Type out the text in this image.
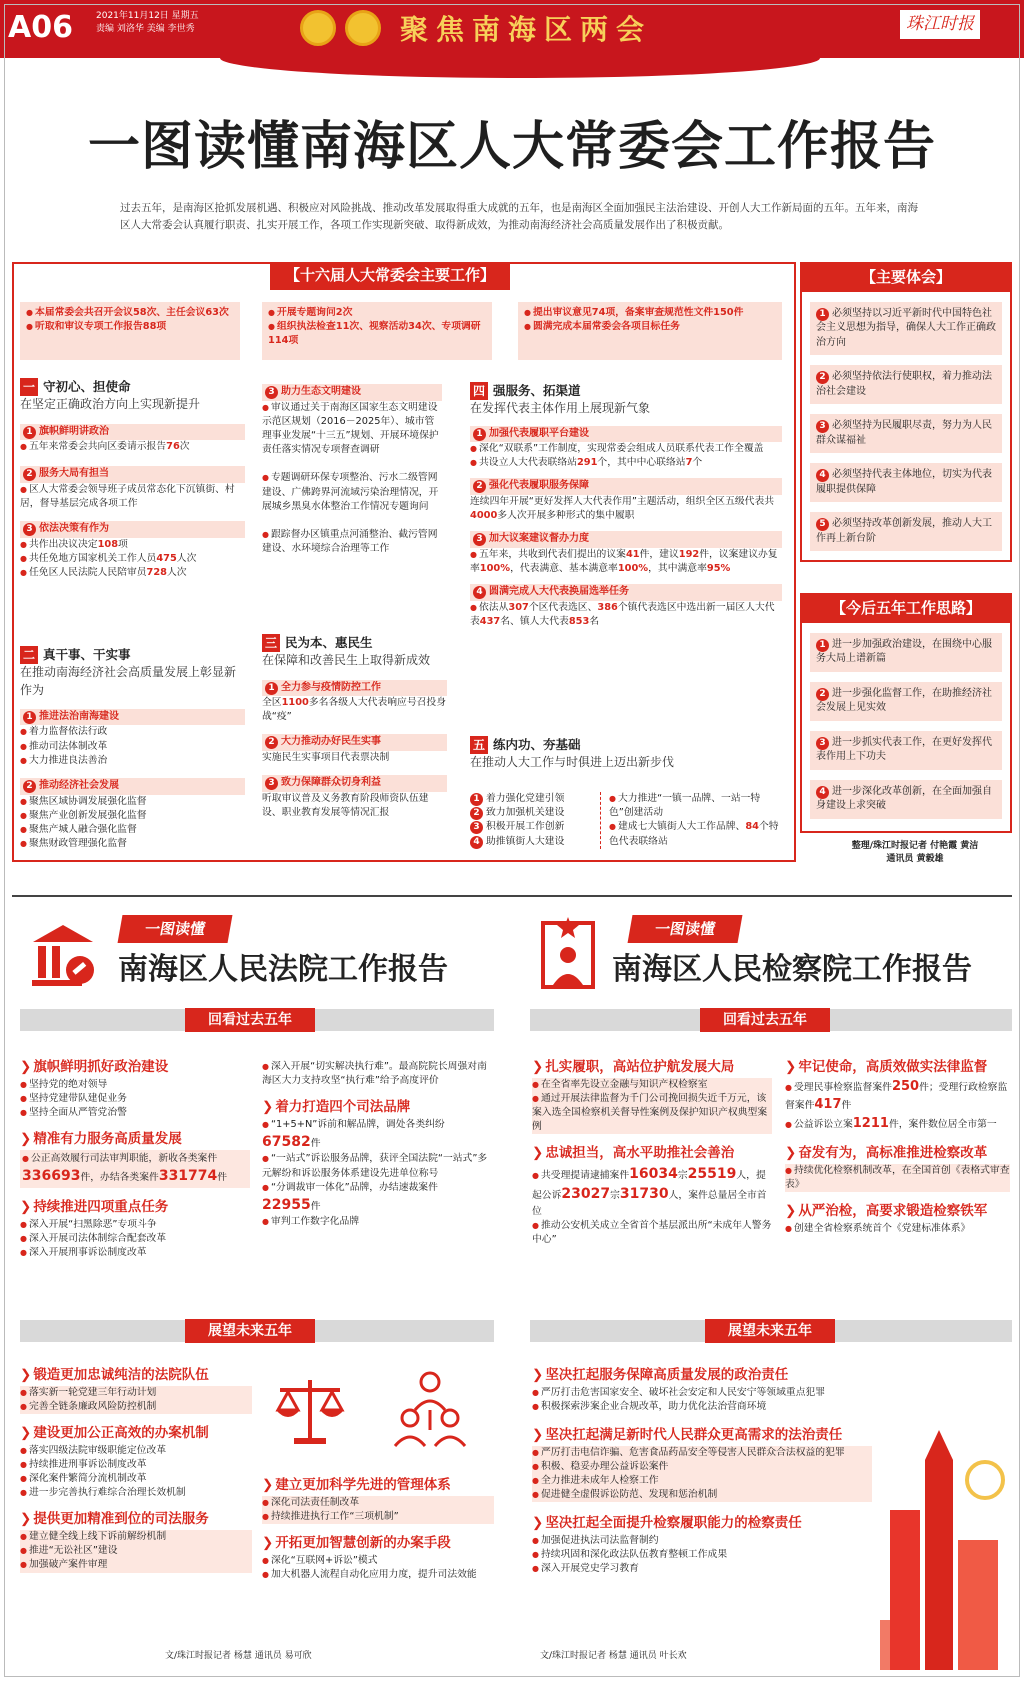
A06	2021年11月12日 星期五
责编 刘洛华 美编 李世秀	聚焦南海区两会	珠江时报
一图读懂南海区人大常委会工作报告
过去五年，是南海区抢抓发展机遇、积极应对风险挑战、推动改革发展取得重大成就的五年，也是南海区全面加强民主法治建设、开创人大工作新局面的五年。五年来，南海区人大常委会认真履行职责、扎实开展工作，各项工作实现新突破、取得新成效，为推动南海经济社会高质量发展作出了积极贡献。
【十六届人大常委会主要工作】
● 本届常委会共召开会议58次、主任会议63次
● 听取和审议专项工作报告88项
● 开展专题询问2次
● 组织执法检查11次、视察活动34次、专项调研114项
● 提出审议意见74项，备案审查规范性文件150件
● 圆满完成本届常委会各项目标任务
一 守初心、担使命
在坚定正确政治方向上实现新提升
1 旗帜鲜明讲政治
● 五年来常委会共向区委请示报告76次
2 服务大局有担当
● 区人大常委会领导班子成员常态化下沉镇街、村居，督导基层完成各项工作
3 依法决策有作为
● 共作出决议决定108项
● 共任免地方国家机关工作人员475人次
● 任免区人民法院人民陪审员728人次
二 真干事、干实事
在推动南海经济社会高质量发展上彰显新作为
1 推进法治南海建设
● 着力监督依法行政
● 推动司法体制改革
● 大力推进良法善治
2 推动经济社会发展
● 聚焦区域协调发展强化监督
● 聚焦产业创新发展强化监督
● 聚焦产城人融合强化监督
● 聚焦财政管理强化监督
3 助力生态文明建设
● 审议通过关于南海区国家生态文明建设示范区规划（2016－2025年）、城市管理事业发展“十三五”规划、开展环境保护责任落实情况专项督查调研
● 专题调研环保专项整治、污水二级管网建设、广佛跨界河流域污染治理情况，开展城乡黑臭水体整治工作情况专题询问
● 跟踪督办区镇重点河涌整治、截污管网建设、水环境综合治理等工作
三 民为本、惠民生
在保障和改善民生上取得新成效
1 全力参与疫情防控工作
全区1100多名各级人大代表响应号召投身战“疫”
2 大力推动办好民生实事
实施民生实事项目代表票决制
3 致力保障群众切身利益
听取审议普及义务教育阶段师资队伍建设、职业教育发展等情况汇报
四 强服务、拓渠道
在发挥代表主体作用上展现新气象
1 加强代表履职平台建设
● 深化“双联系”工作制度，实现常委会组成人员联系代表工作全覆盖
● 共设立人大代表联络站291个，其中中心联络站7个
2 强化代表履职服务保障
连续四年开展“更好发挥人大代表作用”主题活动，组织全区五级代表共4000多人次开展多种形式的集中履职
3 加大议案建议督办力度
● 五年来，共收到代表们提出的议案41件，建议192件，议案建议办复率100%，代表满意、基本满意率100%，其中满意率95%
4 圆满完成人大代表换届选举任务
● 依法从307个区代表选区、386个镇代表选区中选出新一届区人大代表437名、镇人大代表853名
五 练内功、夯基础
在推动人大工作与时俱进上迈出新步伐
1 着力强化党建引领
2 致力加强机关建设
3 积极开展工作创新
4 助推镇街人大建设
● 大力推进“一镇一品牌、一站一特色”创建活动
● 建成七大镇街人大工作品牌、84个特色代表联络站
【主要体会】
1 必须坚持以习近平新时代中国特色社会主义思想为指导，确保人大工作正确政治方向
2 必须坚持依法行使职权，着力推动法治社会建设
3 必须坚持为民履职尽责，努力为人民群众谋福祉
4 必须坚持代表主体地位，切实为代表履职提供保障
5 必须坚持改革创新发展，推动人大工作再上新台阶
【今后五年工作思路】
1 进一步加强政治建设，在围绕中心服务大局上谱新篇
2 进一步强化监督工作，在助推经济社会发展上见实效
3 进一步抓实代表工作，在更好发挥代表作用上下功夫
4 进一步深化改革创新，在全面加强自身建设上求突破
整理/珠江时报记者 付艳霞 黄洁
通讯员 黄毅雄
一图读懂
南海区人民法院工作报告
回看过去五年
❯ 旗帜鲜明抓好政治建设
● 坚持党的绝对领导
● 坚持党建带队建促业务
● 坚持全面从严管党治警
❯ 精准有力服务高质量发展
● 公正高效履行司法审判职能，新收各类案件
336693件，办结各类案件331774件
❯ 持续推进四项重点任务
● 深入开展“扫黑除恶”专项斗争
● 深入开展司法体制综合配套改革
● 深入开展刑事诉讼制度改革
● 深入开展“切实解决执行难”。最高院院长周强对南海区大力支持攻坚“执行难”给予高度评价
❯ 着力打造四个司法品牌
● “1+5+N”诉前和解品牌，调处各类纠纷
67582件
● “一站式”诉讼服务品牌，获评全国法院“一站式”多元解纷和诉讼服务体系建设先进单位称号
● “分调裁审一体化”品牌，办结速裁案件
22955件
● 审判工作数字化品牌
展望未来五年
❯ 锻造更加忠诚纯洁的法院队伍
● 落实新一轮党建三年行动计划
● 完善全链条廉政风险防控机制
❯ 建设更加公正高效的办案机制
● 落实四级法院审级职能定位改革
● 持续推进刑事诉讼制度改革
● 深化案件繁简分流机制改革
● 进一步完善执行难综合治理长效机制
❯ 提供更加精准到位的司法服务
● 建立健全线上线下诉前解纷机制
● 推进“无讼社区”建设
● 加强破产案件审理
❯ 建立更加科学先进的管理体系
● 深化司法责任制改革
● 持续推进执行工作“三项机制”
❯ 开拓更加智慧创新的办案手段
● 深化“互联网+诉讼”模式
● 加大机器人流程自动化应用力度，提升司法效能
文/珠江时报记者 杨慧 通讯员 易可欣
一图读懂
南海区人民检察院工作报告
回看过去五年
❯ 扎实履职，高站位护航发展大局
● 在全省率先设立金融与知识产权检察室
● 通过开展法律监督为千门公司挽回损失近千万元，该案入选全国检察机关督导性案例及保护知识产权典型案例
❯ 忠诚担当，高水平助推社会善治
● 共受理提请逮捕案件16034宗25519人，提起公诉23027宗31730人，案件总量居全市首位
● 推动公安机关成立全省首个基层派出所“未成年人警务中心”
❯ 牢记使命，高质效做实法律监督
● 受理民事检察监督案件250件；受理行政检察监督案件417件
● 公益诉讼立案1211件，案件数位居全市第一
❯ 奋发有为，高标准推进检察改革
● 持续优化检察机制改革，在全国首创《表格式审查表》
❯ 从严治检，高要求锻造检察铁军
● 创建全省检察系统首个《党建标准体系》
展望未来五年
❯ 坚决扛起服务保障高质量发展的政治责任
● 严厉打击危害国家安全、破坏社会安定和人民安宁等领域重点犯罪
● 积极探索涉案企业合规改革，助力优化法治营商环境
❯ 坚决扛起满足新时代人民群众更高需求的法治责任
● 严厉打击电信诈骗、危害食品药品安全等侵害人民群众合法权益的犯罪
● 积极、稳妥办理公益诉讼案件
● 全力推进未成年人检察工作
● 促进健全虚假诉讼防范、发现和惩治机制
❯ 坚决扛起全面提升检察履职能力的检察责任
● 加强促进执法司法监督制约
● 持续巩固和深化政法队伍教育整顿工作成果
● 深入开展党史学习教育
文/珠江时报记者 杨慧 通讯员 叶长欢
